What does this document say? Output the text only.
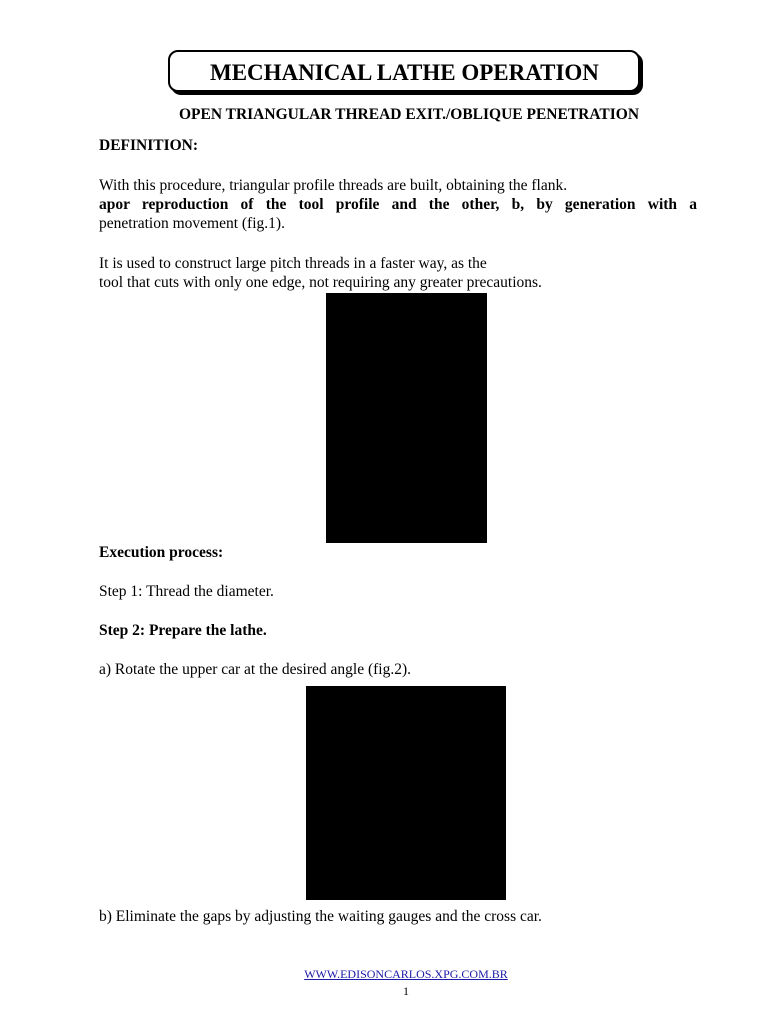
MECHANICAL LATHE OPERATION
OPEN TRIANGULAR THREAD EXIT./OBLIQUE PENETRATION
DEFINITION:
With this procedure, triangular profile threads are built, obtaining the flank.
apor reproduction of the tool profile and the other, b, by generation with a
penetration movement (fig.1).
It is used to construct large pitch threads in a faster way, as the
tool that cuts with only one edge, not requiring any greater precautions.
Execution process:
Step 1: Thread the diameter.
Step 2: Prepare the lathe.
a) Rotate the upper car at the desired angle (fig.2).
b) Eliminate the gaps by adjusting the waiting gauges and the cross car.
WWW.EDISONCARLOS.XPG.COM.BR
1
